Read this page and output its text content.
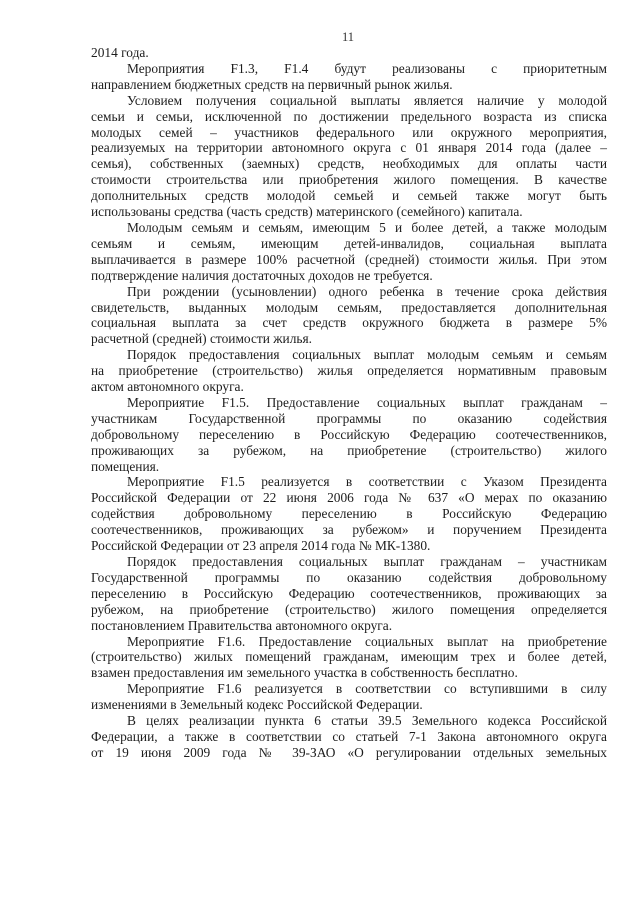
11
2014 года.
Мероприятия F1.3, F1.4 будут реализованы с приоритетным
направлением бюджетных средств на первичный рынок жилья.
Условием получения социальной выплаты является наличие у молодой
семьи и семьи, исключенной по достижении предельного возраста из списка
молодых семей – участников федерального или окружного мероприятия,
реализуемых на территории автономного округа с 01 января 2014 года (далее –
семья), собственных (заемных) средств, необходимых для оплаты части
стоимости строительства или приобретения жилого помещения. В качестве
дополнительных средств молодой семьей и семьей также могут быть
использованы средства (часть средств) материнского (семейного) капитала.
Молодым семьям и семьям, имеющим 5 и более детей, а также молодым
семьям и семьям, имеющим детей-инвалидов, социальная выплата
выплачивается в размере 100% расчетной (средней) стоимости жилья. При этом
подтверждение наличия достаточных доходов не требуется.
При рождении (усыновлении) одного ребенка в течение срока действия
свидетельств, выданных молодым семьям, предоставляется дополнительная
социальная выплата за счет средств окружного бюджета в размере 5%
расчетной (средней) стоимости жилья.
Порядок предоставления социальных выплат молодым семьям и семьям
на приобретение (строительство) жилья определяется нормативным правовым
актом автономного округа.
Мероприятие F1.5. Предоставление социальных выплат гражданам –
участникам Государственной программы по оказанию содействия
добровольному переселению в Российскую Федерацию соотечественников,
проживающих за рубежом, на приобретение (строительство) жилого
помещения.
Мероприятие F1.5 реализуется в соответствии с Указом Президента
Российской Федерации от 22 июня 2006 года № 637 «О мерах по оказанию
содействия добровольному переселению в Российскую Федерацию
соотечественников, проживающих за рубежом» и поручением Президента
Российской Федерации от 23 апреля 2014 года № МК-1380.
Порядок предоставления социальных выплат гражданам – участникам
Государственной программы по оказанию содействия добровольному
переселению в Российскую Федерацию соотечественников, проживающих за
рубежом, на приобретение (строительство) жилого помещения определяется
постановлением Правительства автономного округа.
Мероприятие F1.6. Предоставление социальных выплат на приобретение
(строительство) жилых помещений гражданам, имеющим трех и более детей,
взамен предоставления им земельного участка в собственность бесплатно.
Мероприятие F1.6 реализуется в соответствии со вступившими в силу
изменениями в Земельный кодекс Российской Федерации.
В целях реализации пункта 6 статьи 39.5 Земельного кодекса Российской
Федерации, а также в соответствии со статьей 7-1 Закона автономного округа
от 19 июня 2009 года № 39-ЗАО «О регулировании отдельных земельных
